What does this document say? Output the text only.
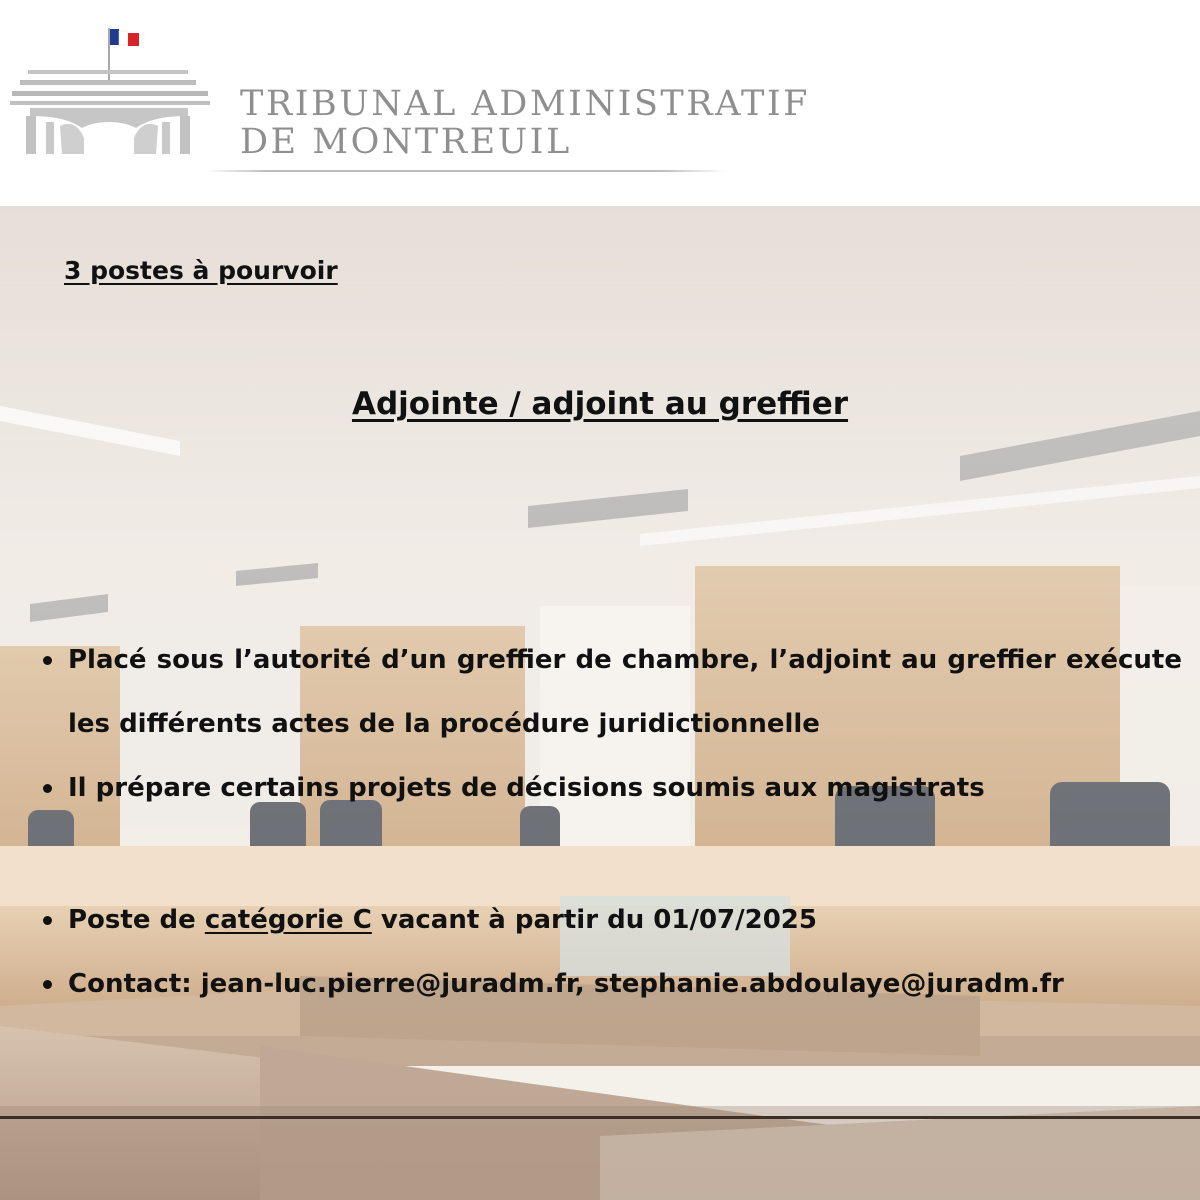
TRIBUNAL ADMINISTRATIF
DE MONTREUIL
3 postes à pourvoir
Adjointe / adjoint au greffier
Placé sous l’autorité d’un greffier de chambre, l’adjoint au greffier exécute les différents actes de la procédure juridictionnelle
Il prépare certains projets de décisions soumis aux magistrats
Poste de catégorie C vacant à partir du 01/07/2025
Contact: jean-luc.pierre@juradm.fr, stephanie.abdoulaye@juradm.fr
